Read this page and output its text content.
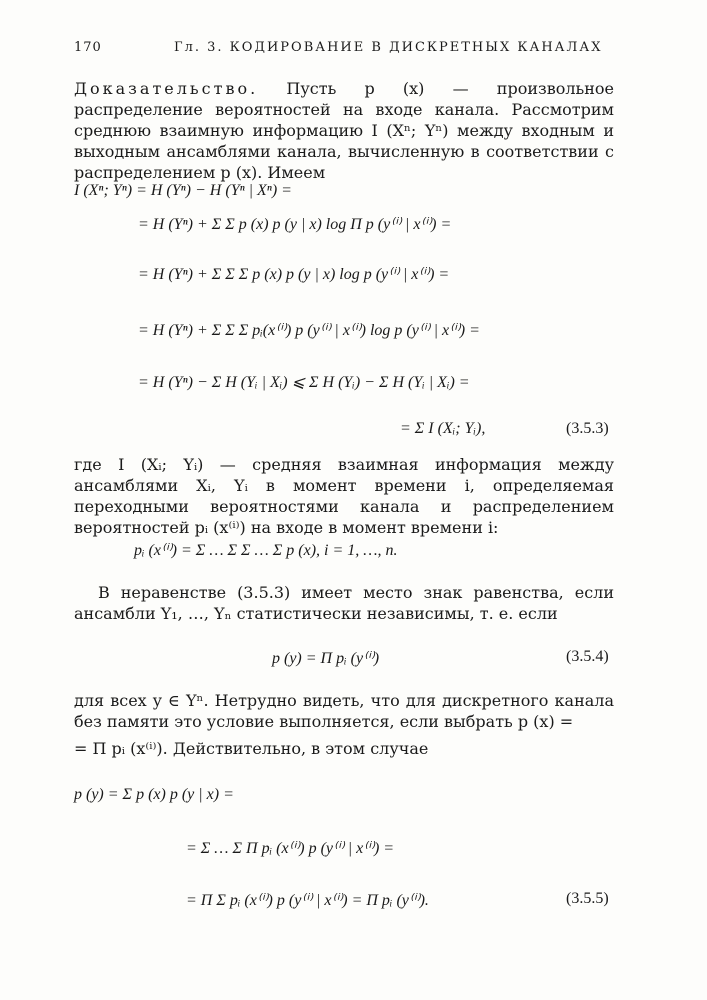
170	Гл. 3. КОДИРОВАНИЕ В ДИСКРЕТНЫХ КАНАЛАХ
Доказательство. Пусть p (x) — произвольное распределение вероятностей на входе канала. Рассмотрим среднюю взаимную информацию I (Xⁿ; Yⁿ) между входным и выходным ансамблями канала, вычисленную в соответствии с распределением p (x). Имеем
I (Xⁿ; Yⁿ) = H (Yⁿ) − H (Yⁿ | Xⁿ) =
= H (Yⁿ) + Σ Σ p (x) p (y | x) log Π p (y⁽ⁱ⁾ | x⁽ⁱ⁾) =
= H (Yⁿ) + Σ Σ Σ p (x) p (y | x) log p (y⁽ⁱ⁾ | x⁽ⁱ⁾) =
= H (Yⁿ) + Σ Σ Σ pᵢ(x⁽ⁱ⁾) p (y⁽ⁱ⁾ | x⁽ⁱ⁾) log p (y⁽ⁱ⁾ | x⁽ⁱ⁾) =
= H (Yⁿ) − Σ H (Yᵢ | Xᵢ) ⩽ Σ H (Yᵢ) − Σ H (Yᵢ | Xᵢ) =
= Σ I (Xᵢ; Yᵢ),	(3.5.3)
где I (Xᵢ; Yᵢ) — средняя взаимная информация между ансамблями Xᵢ, Yᵢ в момент времени i, определяемая переходными вероятностями канала и распределением вероятностей pᵢ (x⁽ⁱ⁾) на входе в момент времени i:
pᵢ (x⁽ⁱ⁾) = Σ … Σ Σ … Σ p (x), i = 1, …, n.
В неравенстве (3.5.3) имеет место знак равенства, если ансамбли Y₁, …, Yₙ статистически независимы, т. е. если
p (y) = Π pᵢ (y⁽ⁱ⁾)	(3.5.4)
для всех y ∈ Yⁿ. Нетрудно видеть, что для дискретного канала без памяти это условие выполняется, если выбрать p (x) =
= Π pᵢ (x⁽ⁱ⁾). Действительно, в этом случае
p (y) = Σ p (x) p (y | x) =
= Σ … Σ Π pᵢ (x⁽ⁱ⁾) p (y⁽ⁱ⁾ | x⁽ⁱ⁾) =
= Π Σ pᵢ (x⁽ⁱ⁾) p (y⁽ⁱ⁾ | x⁽ⁱ⁾) = Π pᵢ (y⁽ⁱ⁾).	(3.5.5)
